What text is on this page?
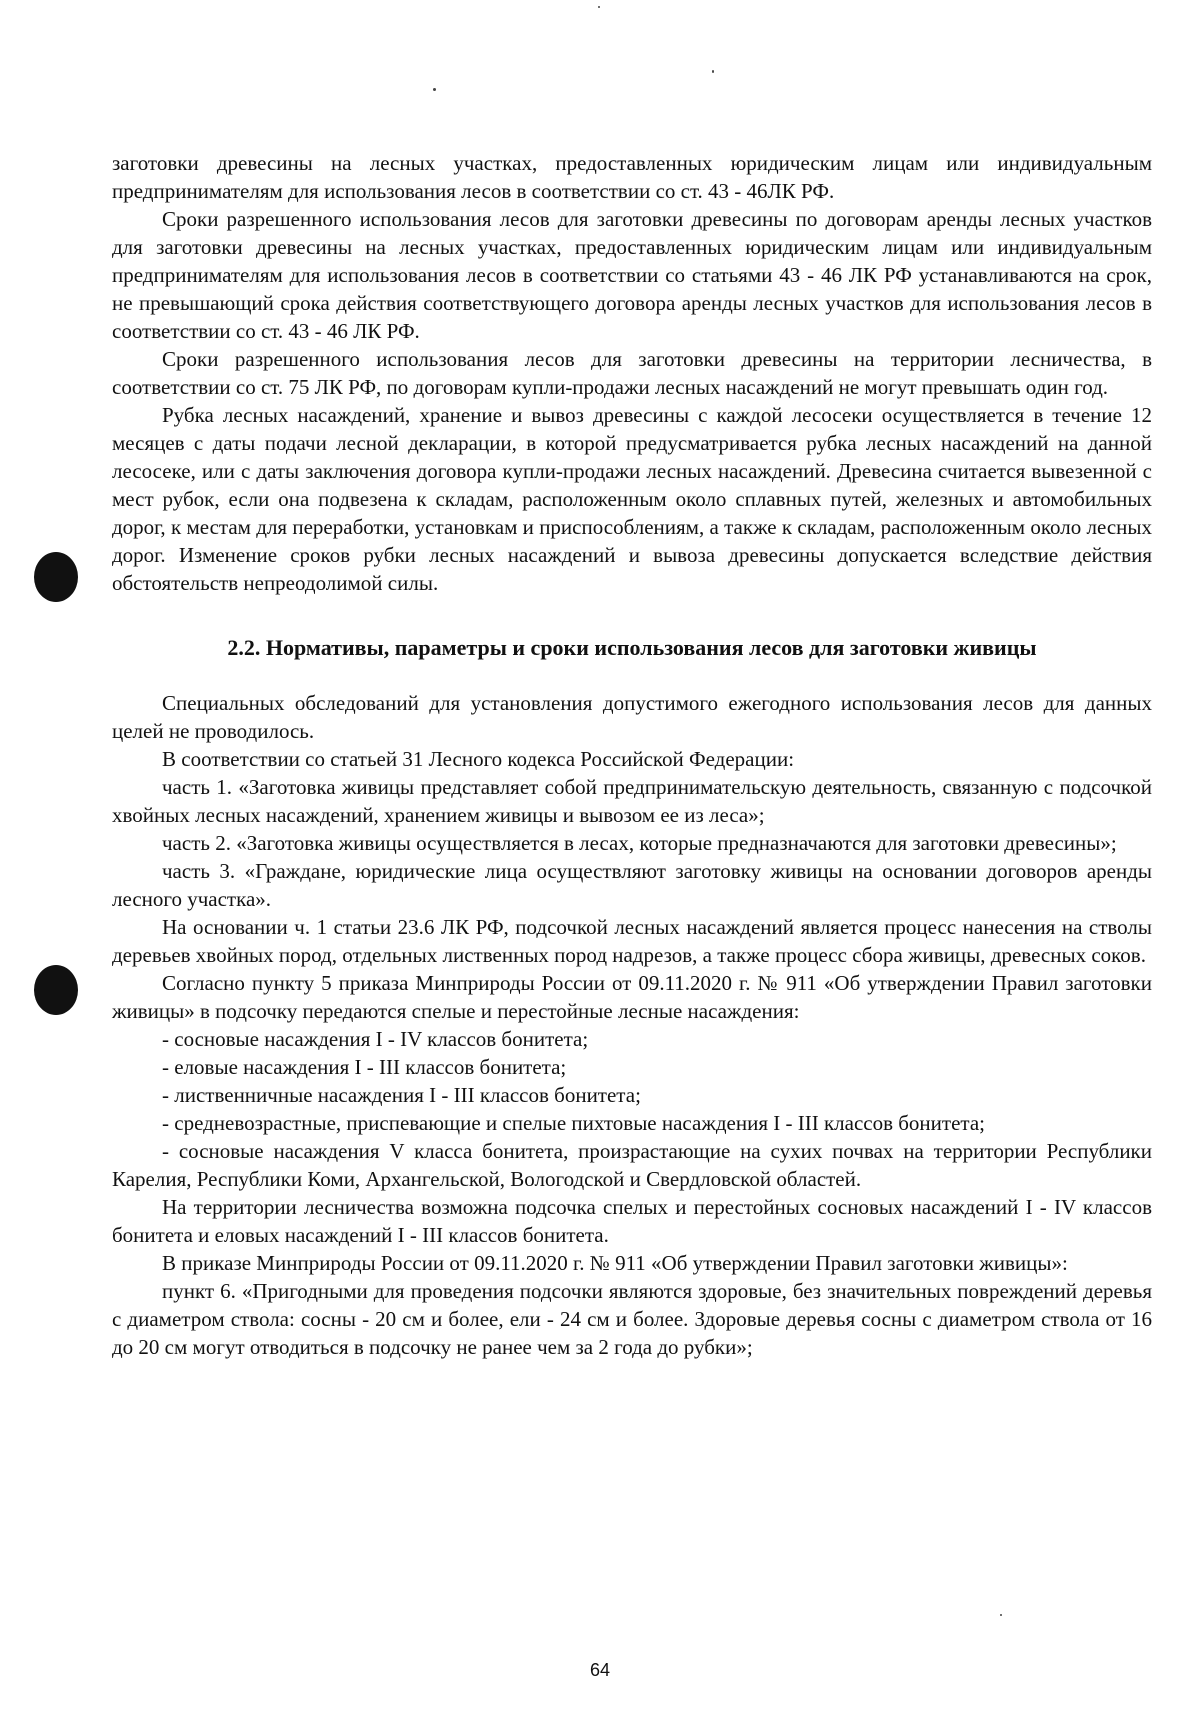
заготовки древесины на лесных участках, предоставленных юридическим лицам или индивидуальным предпринимателям для использования лесов в соответствии со ст. 43 - 46ЛК РФ.

Сроки разрешенного использования лесов для заготовки древесины по договорам аренды лесных участков для заготовки древесины на лесных участках, предоставленных юридическим лицам или индивидуальным предпринимателям для использования лесов в соответствии со статьями 43 - 46 ЛК РФ устанавливаются на срок, не превышающий срока действия соответствующего договора аренды лесных участков для использования лесов в соответствии со ст. 43 - 46 ЛК РФ.

Сроки разрешенного использования лесов для заготовки древесины на территории лесничества, в соответствии со ст. 75 ЛК РФ, по договорам купли-продажи лесных насаждений не могут превышать один год.

Рубка лесных насаждений, хранение и вывоз древесины с каждой лесосеки осуществляется в течение 12 месяцев с даты подачи лесной декларации, в которой предусматривается рубка лесных насаждений на данной лесосеке, или с даты заключения договора купли-продажи лесных насаждений. Древесина считается вывезенной с мест рубок, если она подвезена к складам, расположенным около сплавных путей, железных и автомобильных дорог, к местам для переработки, установкам и приспособлениям, а также к складам, расположенным около лесных дорог. Изменение сроков рубки лесных насаждений и вывоза древесины допускается вследствие действия обстоятельств непреодолимой силы.

2.2. Нормативы, параметры и сроки использования лесов для заготовки живицы

Специальных обследований для установления допустимого ежегодного использования лесов для данных целей не проводилось.

В соответствии со статьей 31 Лесного кодекса Российской Федерации:

часть 1. «Заготовка живицы представляет собой предпринимательскую деятельность, связанную с подсочкой хвойных лесных насаждений, хранением живицы и вывозом ее из леса»;

часть 2. «Заготовка живицы осуществляется в лесах, которые предназначаются для заготовки древесины»;

часть 3. «Граждане, юридические лица осуществляют заготовку живицы на основании договоров аренды лесного участка».

На основании ч. 1 статьи 23.6 ЛК РФ, подсочкой лесных насаждений является процесс нанесения на стволы деревьев хвойных пород, отдельных лиственных пород надрезов, а также процесс сбора живицы, древесных соков.

Согласно пункту 5 приказа Минприроды России от 09.11.2020 г. № 911 «Об утверждении Правил заготовки живицы» в подсочку передаются спелые и перестойные лесные насаждения:

- сосновые насаждения I - IV классов бонитета;

- еловые насаждения I - III классов бонитета;

- лиственничные насаждения I - III классов бонитета;

- средневозрастные, приспевающие и спелые пихтовые насаждения I - III классов бонитета;

- сосновые насаждения V класса бонитета, произрастающие на сухих почвах на территории Республики Карелия, Республики Коми, Архангельской, Вологодской и Свердловской областей.

На территории лесничества возможна подсочка спелых и перестойных сосновых насаждений I - IV классов бонитета и еловых насаждений I - III классов бонитета.

В приказе Минприроды России от 09.11.2020 г. № 911 «Об утверждении Правил заготовки живицы»:

пункт 6. «Пригодными для проведения подсочки являются здоровые, без значительных повреждений деревья с диаметром ствола: сосны - 20 см и более, ели - 24 см и более. Здоровые деревья сосны с диаметром ствола от 16 до 20 см могут отводиться в подсочку не ранее чем за 2 года до рубки»;

64
